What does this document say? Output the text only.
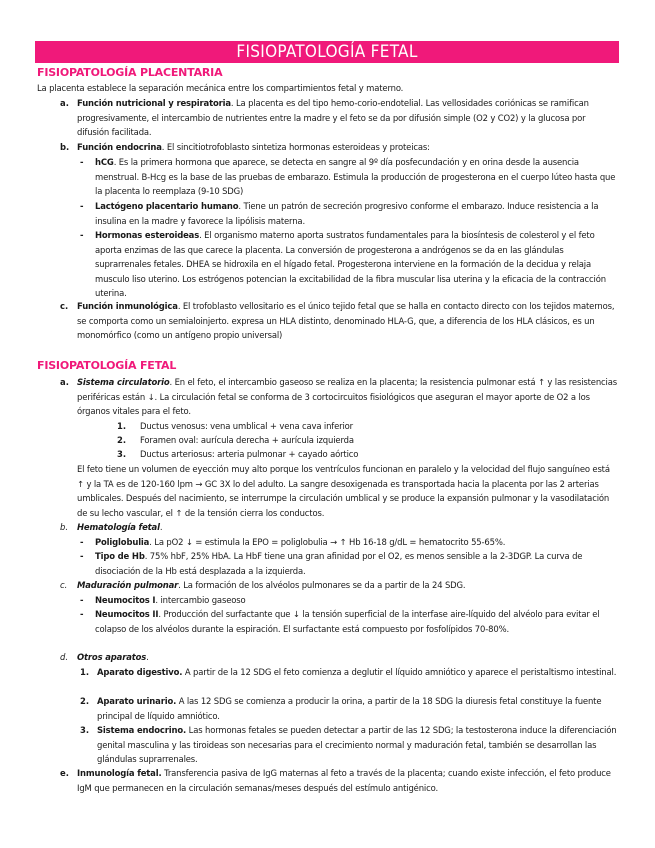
FISIOPATOLOGÍA FETAL
FISIOPATOLOGÍA PLACENTARIA
La placenta establece la separación mecánica entre los compartimientos fetal y materno.
a. Función nutricional y respiratoria. La placenta es del tipo hemo-corio-endotelial. Las vellosidades coriónicas se ramifican progresivamente, el intercambio de nutrientes entre la madre y el feto se da por difusión simple (O2 y CO2) y la glucosa por difusión facilitada.
b. Función endocrina. El sincitiotrofoblasto sintetiza hormonas esteroideas y proteicas:
- hCG. Es la primera hormona que aparece, se detecta en sangre al 9º día posfecundación y en orina desde la ausencia menstrual. B-Hcg es la base de las pruebas de embarazo. Estimula la producción de progesterona en el cuerpo lúteo hasta que la placenta lo reemplaza (9-10 SDG)
- Lactógeno placentario humano. Tiene un patrón de secreción progresivo conforme el embarazo. Induce resistencia a la insulina en la madre y favorece la lipólisis materna.
- Hormonas esteroideas. El organismo materno aporta sustratos fundamentales para la biosíntesis de colesterol y el feto aporta enzimas de las que carece la placenta. La conversión de progesterona a andrógenos se da en las glándulas suprarrenales fetales. DHEA se hidroxila en el hígado fetal. Progesterona interviene en la formación de la decidua y relaja musculo liso uterino. Los estrógenos potencian la excitabilidad de la fibra muscular lisa uterina y la eficacia de la contracción uterina.
c. Función inmunológica. El trofoblasto vellositario es el único tejido fetal que se halla en contacto directo con los tejidos maternos, se comporta como un semialoinjerto. expresa un HLA distinto, denominado HLA-G, que, a diferencia de los HLA clásicos, es un monomórfico (como un antígeno propio universal)
FISIOPATOLOGÍA FETAL
a. Sistema circulatorio. En el feto, el intercambio gaseoso se realiza en la placenta; la resistencia pulmonar está ↑ y las resistencias periféricas están ↓. La circulación fetal se conforma de 3 cortocircuitos fisiológicos que aseguran el mayor aporte de O2 a los órganos vitales para el feto.
1. Ductus venosus: vena umblical + vena cava inferior
2. Foramen oval: aurícula derecha + aurícula izquierda
3. Ductus arteriosus: arteria pulmonar + cayado aórtico
El feto tiene un volumen de eyección muy alto porque los ventrículos funcionan en paralelo y la velocidad del flujo sanguíneo está ↑ y la TA es de 120-160 lpm → GC 3X lo del adulto. La sangre desoxigenada es transportada hacia la placenta por las 2 arterias umblicales. Después del nacimiento, se interrumpe la circulación umblical y se produce la expansión pulmonar y la vasodilatación de su lecho vascular, el ↑ de la tensión cierra los conductos.
b. Hematología fetal.
- Poliglobulia. La pO2 ↓ = estimula la EPO = poliglobulia → ↑ Hb 16-18 g/dL = hematocrito 55-65%.
- Tipo de Hb. 75% hbF, 25% HbA. La HbF tiene una gran afinidad por el O2, es menos sensible a la 2-3DGP. La curva de disociación de la Hb está desplazada a la izquierda.
c. Maduración pulmonar. La formación de los alvéolos pulmonares se da a partir de la 24 SDG.
- Neumocitos I. intercambio gaseoso
- Neumocitos II. Producción del surfactante que ↓ la tensión superficial de la interfase aire-líquido del alvéolo para evitar el colapso de los alvéolos durante la espiración. El surfactante está compuesto por fosfolípidos 70-80%.
d. Otros aparatos.
1. Aparato digestivo. A partir de la 12 SDG el feto comienza a deglutir el líquido amniótico y aparece el peristaltismo intestinal.
2. Aparato urinario. A las 12 SDG se comienza a producir la orina, a partir de la 18 SDG la diuresis fetal constituye la fuente principal de líquido amniótico.
3. Sistema endocrino. Las hormonas fetales se pueden detectar a partir de las 12 SDG; la testosterona induce la diferenciación genital masculina y las tiroideas son necesarias para el crecimiento normal y maduración fetal, también se desarrollan las glándulas suprarrenales.
e. Inmunología fetal. Transferencia pasiva de IgG maternas al feto a través de la placenta; cuando existe infección, el feto produce IgM que permanecen en la circulación semanas/meses después del estímulo antigénico.
